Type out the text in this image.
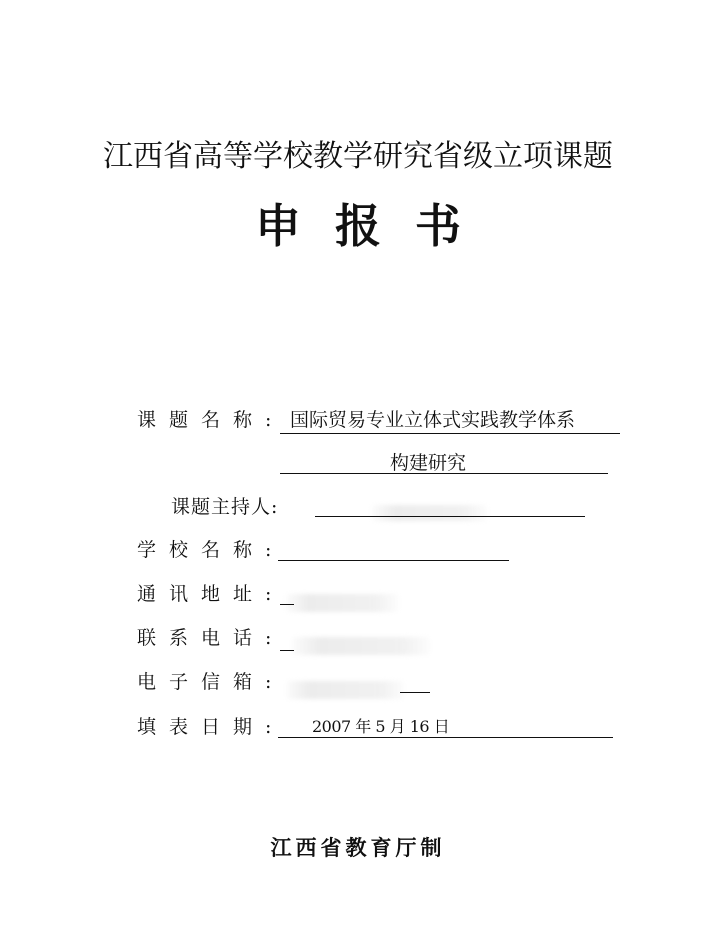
江西省高等学校教学研究省级立项课题
申报书
课题名称: 国际贸易专业立体式实践教学体系
构建研究
课题主持人:
学校名称:
通讯地址:
联系电话:
电子信箱:
填表日期: 2007 年 5 月 16 日
江西省教育厅制
